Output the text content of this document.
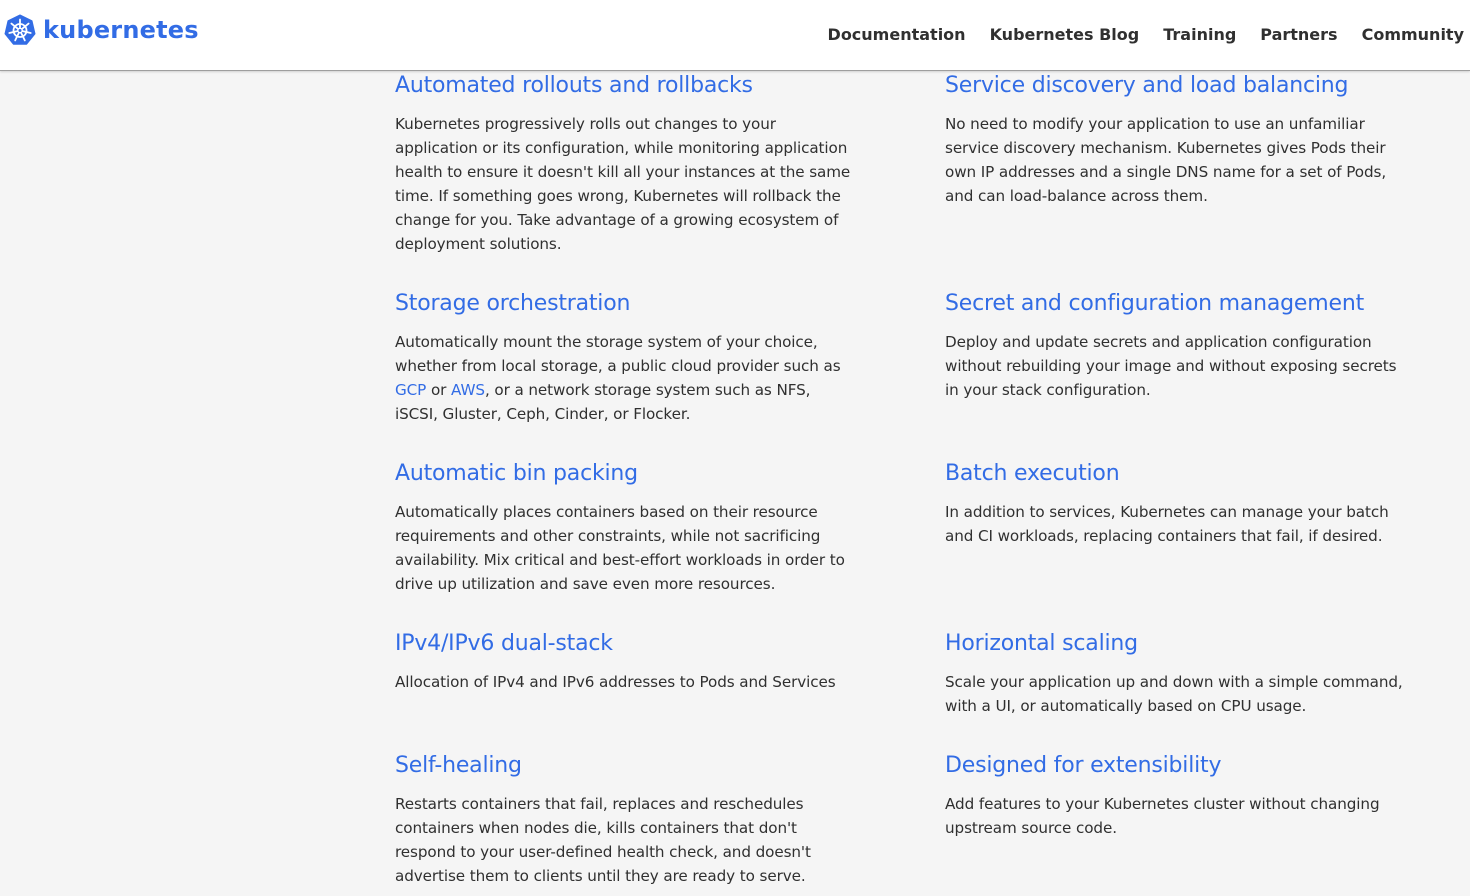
Automated rollouts and rollbacks

Kubernetes progressively rolls out changes to your application or its configuration, while monitoring application health to ensure it doesn't kill all your instances at the same time. If something goes wrong, Kubernetes will rollback the change for you. Take advantage of a growing ecosystem of deployment solutions.

Service discovery and load balancing

No need to modify your application to use an unfamiliar service discovery mechanism. Kubernetes gives Pods their own IP addresses and a single DNS name for a set of Pods, and can load-balance across them.

Storage orchestration

Automatically mount the storage system of your choice, whether from local storage, a public cloud provider such as GCP or AWS, or a network storage system such as NFS, iSCSI, Gluster, Ceph, Cinder, or Flocker.

Secret and configuration management

Deploy and update secrets and application configuration without rebuilding your image and without exposing secrets in your stack configuration.

Automatic bin packing

Automatically places containers based on their resource requirements and other constraints, while not sacrificing availability. Mix critical and best-effort workloads in order to drive up utilization and save even more resources.

Batch execution

In addition to services, Kubernetes can manage your batch and CI workloads, replacing containers that fail, if desired.

IPv4/IPv6 dual-stack

Allocation of IPv4 and IPv6 addresses to Pods and Services

Horizontal scaling

Scale your application up and down with a simple command, with a UI, or automatically based on CPU usage.

Self-healing

Restarts containers that fail, replaces and reschedules containers when nodes die, kills containers that don't respond to your user-defined health check, and doesn't advertise them to clients until they are ready to serve.

Designed for extensibility

Add features to your Kubernetes cluster without changing upstream source code.

kubernetes	Documentation Kubernetes Blog Training Partners Community
